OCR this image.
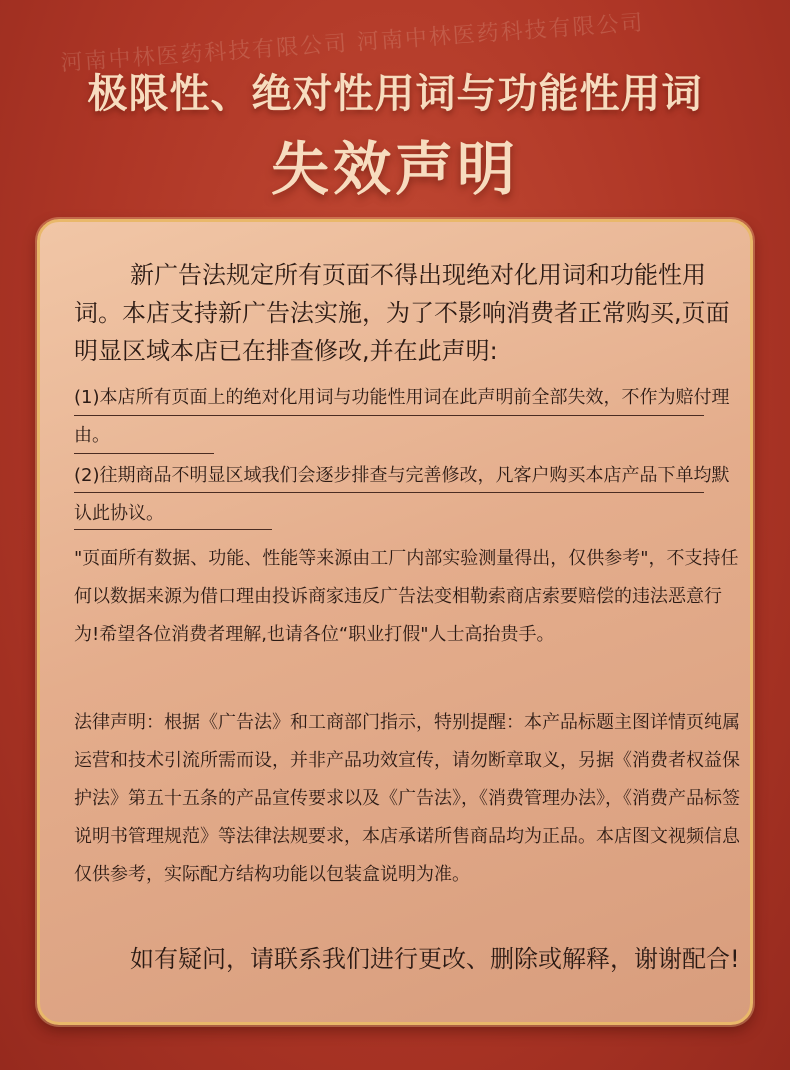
河南中林医药科技有限公司 河南中林医药科技有限公司
极限性、绝对性用词与功能性用词
失效声明

新广告法规定所有页面不得出现绝对化用词和功能性用词。本店支持新广告法实施，为了不影响消费者正常购买,页面明显区域本店已在排查修改,并在此声明:

(1)本店所有页面上的绝对化用词与功能性用词在此声明前全部失效，不作为赔付理由。

(2)往期商品不明显区域我们会逐步排查与完善修改，凡客户购买本店产品下单均默认此协议。

"页面所有数据、功能、性能等来源由工厂内部实验测量得出，仅供参考"，不支持任何以数据来源为借口理由投诉商家违反广告法变相勒索商店索要赔偿的违法恶意行为!希望各位消费者理解,也请各位“职业打假"人士高抬贵手。

法律声明：根据《广告法》和工商部门指示，特别提醒：本产品标题主图详情页纯属运营和技术引流所需而设，并非产品功效宣传，请勿断章取义，另据《消费者权益保护法》第五十五条的产品宣传要求以及《广告法》，《消费管理办法》，《消费产品标签说明书管理规范》等法律法规要求，本店承诺所售商品均为正品。本店图文视频信息仅供参考，实际配方结构功能以包装盒说明为准。

如有疑问，请联系我们进行更改、删除或解释，谢谢配合!
